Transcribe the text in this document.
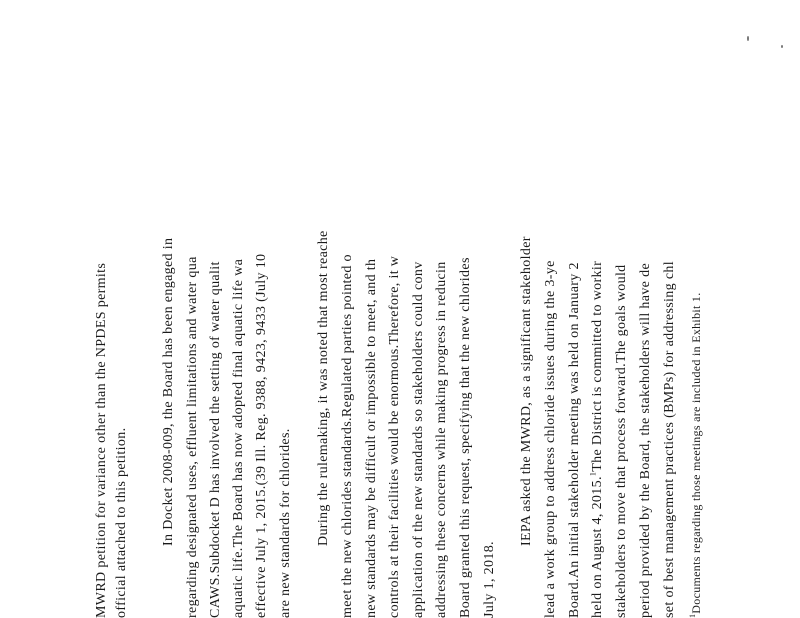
MWRD petition for variance other than the NPDES permits official attached to this petition. In Docket 2008-009, the Board has been engaged in regarding designated uses, effluent limitations and water qua CAWS.Subdocket D has involved the setting of water qualit aquatic life.The Board has now adopted final aquatic life wa effective July 1, 2015.(39 Ill. Reg. 9388, 9423, 9433 (July 10 are new standards for chlorides. During the rulemaking, it was noted that most reache meet the new chlorides standards.Regulated parties pointed o new standards may be difficult or impossible to meet, and th controls at their facilities would be enormous.Therefore, it w application of the new standards so stakeholders could conv addressing these concerns while making progress in reducin Board granted this request, specifying that the new chlorides July 1, 2018.
IEPA asked the MWRD, as a significant stakeholder lead a work group to address chloride issues during the 3-ye Board.An initial stakeholder meeting was held on January 2 held on August 4, 2015.$^1$The District is committed to workir stakeholders to move that process forward.The goals would period provided by the Board, the stakeholders will have de set of best management practices (BMPs) for addressing chl $^1$Documents regarding those meetings are included in Exhibit 1.
